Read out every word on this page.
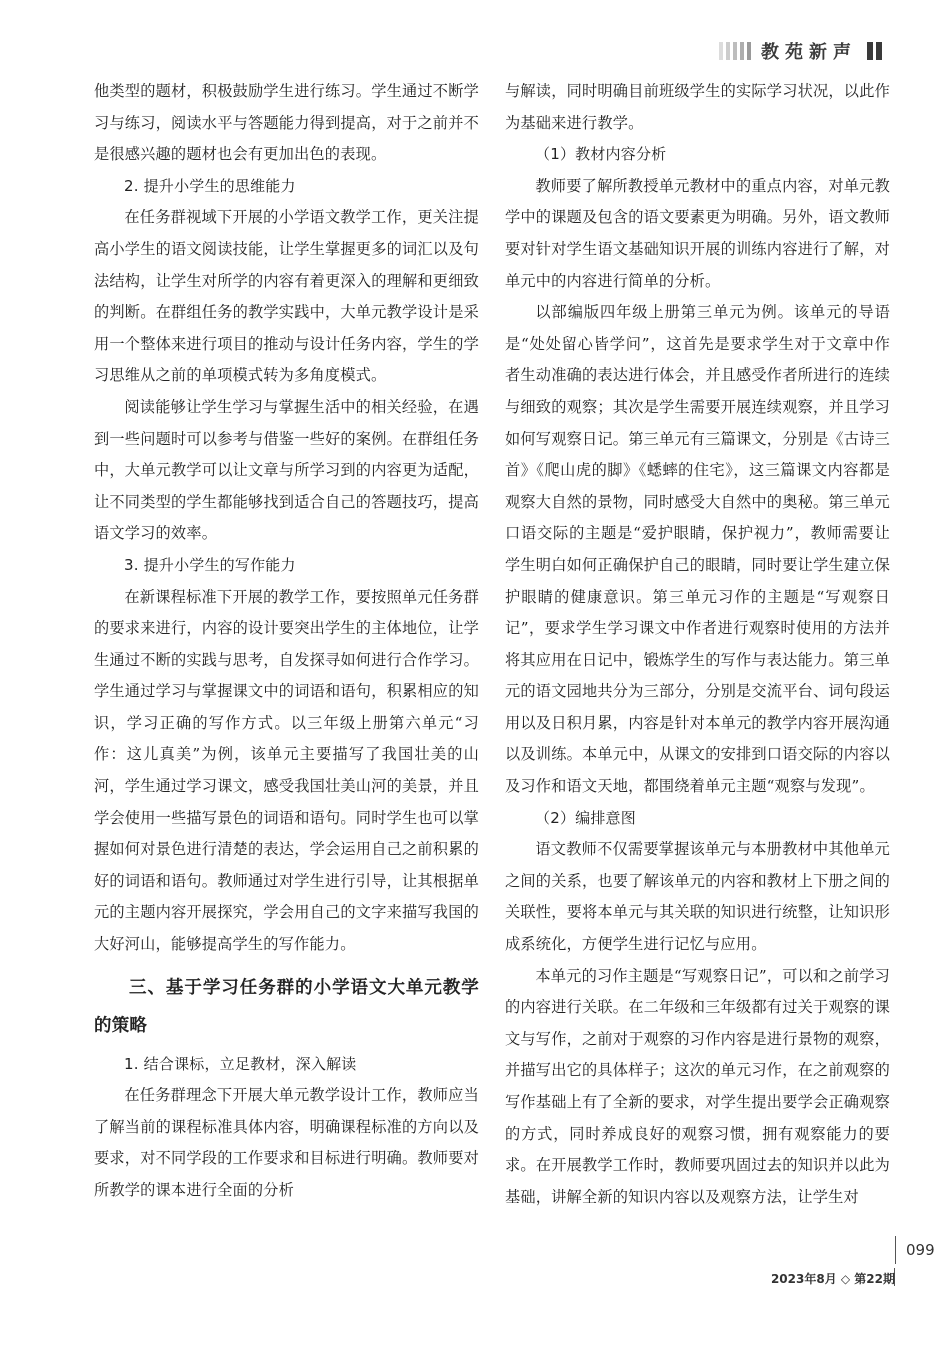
教苑新声

他类型的题材，积极鼓励学生进行练习。学生通过不断学习与练习，阅读水平与答题能力得到提高，对于之前并不是很感兴趣的题材也会有更加出色的表现。

2. 提升小学生的思维能力

在任务群视域下开展的小学语文教学工作，更关注提高小学生的语文阅读技能，让学生掌握更多的词汇以及句法结构，让学生对所学的内容有着更深入的理解和更细致的判断。在群组任务的教学实践中，大单元教学设计是采用一个整体来进行项目的推动与设计任务内容，学生的学习思维从之前的单项模式转为多角度模式。

阅读能够让学生学习与掌握生活中的相关经验，在遇到一些问题时可以参考与借鉴一些好的案例。在群组任务中，大单元教学可以让文章与所学习到的内容更为适配，让不同类型的学生都能够找到适合自己的答题技巧，提高语文学习的效率。

3. 提升小学生的写作能力

在新课程标准下开展的教学工作，要按照单元任务群的要求来进行，内容的设计要突出学生的主体地位，让学生通过不断的实践与思考，自发探寻如何进行合作学习。学生通过学习与掌握课文中的词语和语句，积累相应的知识，学习正确的写作方式。以三年级上册第六单元“习作：这儿真美”为例，该单元主要描写了我国壮美的山河，学生通过学习课文，感受我国壮美山河的美景，并且学会使用一些描写景色的词语和语句。同时学生也可以掌握如何对景色进行清楚的表达，学会运用自己之前积累的好的词语和语句。教师通过对学生进行引导，让其根据单元的主题内容开展探究，学会用自己的文字来描写我国的大好河山，能够提高学生的写作能力。

三、基于学习任务群的小学语文大单元教学的策略

1. 结合课标，立足教材，深入解读

在任务群理念下开展大单元教学设计工作，教师应当了解当前的课程标准具体内容，明确课程标准的方向以及要求，对不同学段的工作要求和目标进行明确。教师要对所教学的课本进行全面的分析

与解读，同时明确目前班级学生的实际学习状况，以此作为基础来进行教学。

（1）教材内容分析

教师要了解所教授单元教材中的重点内容，对单元教学中的课题及包含的语文要素更为明确。另外，语文教师要对针对学生语文基础知识开展的训练内容进行了解，对单元中的内容进行简单的分析。

以部编版四年级上册第三单元为例。该单元的导语是“处处留心皆学问”，这首先是要求学生对于文章中作者生动准确的表达进行体会，并且感受作者所进行的连续与细致的观察；其次是学生需要开展连续观察，并且学习如何写观察日记。第三单元有三篇课文，分别是《古诗三首》《爬山虎的脚》《蟋蟀的住宅》，这三篇课文内容都是观察大自然的景物，同时感受大自然中的奥秘。第三单元口语交际的主题是“爱护眼睛，保护视力”，教师需要让学生明白如何正确保护自己的眼睛，同时要让学生建立保护眼睛的健康意识。第三单元习作的主题是“写观察日记”，要求学生学习课文中作者进行观察时使用的方法并将其应用在日记中，锻炼学生的写作与表达能力。第三单元的语文园地共分为三部分，分别是交流平台、词句段运用以及日积月累，内容是针对本单元的教学内容开展沟通以及训练。本单元中，从课文的安排到口语交际的内容以及习作和语文天地，都围绕着单元主题“观察与发现”。

（2）编排意图

语文教师不仅需要掌握该单元与本册教材中其他单元之间的关系，也要了解该单元的内容和教材上下册之间的关联性，要将本单元与其关联的知识进行统整，让知识形成系统化，方便学生进行记忆与应用。

本单元的习作主题是“写观察日记”，可以和之前学习的内容进行关联。在二年级和三年级都有过关于观察的课文与写作，之前对于观察的习作内容是进行景物的观察，并描写出它的具体样子；这次的单元习作，在之前观察的写作基础上有了全新的要求，对学生提出要学会正确观察的方式，同时养成良好的观察习惯，拥有观察能力的要求。在开展教学工作时，教师要巩固过去的知识并以此为基础，讲解全新的知识内容以及观察方法，让学生对

099
2023年8月 ◇ 第22期
